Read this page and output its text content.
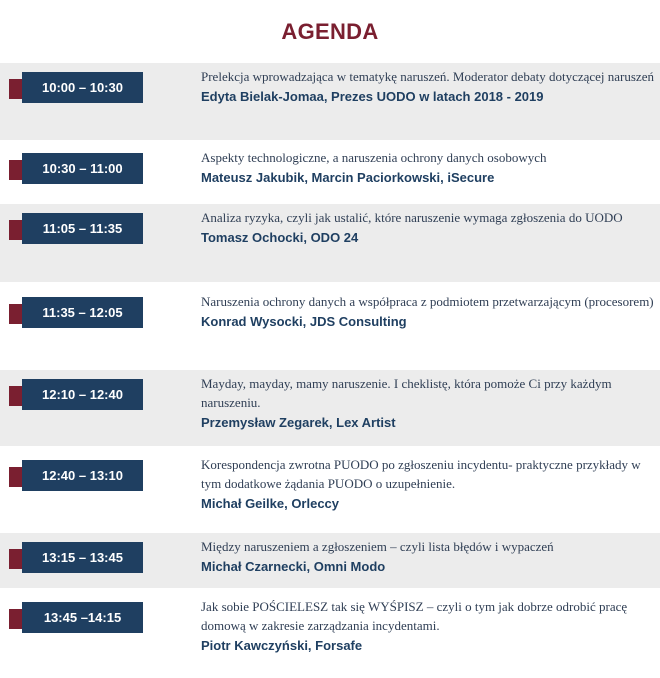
AGENDA
10:00 – 10:30
Prelekcja wprowadzająca w tematykę naruszeń. Moderator debaty dotyczącej naruszeń
Edyta Bielak-Jomaa, Prezes UODO w latach 2018 - 2019
10:30 – 11:00
Aspekty technologiczne, a naruszenia ochrony danych osobowych
Mateusz Jakubik, Marcin Paciorkowski, iSecure
11:05 – 11:35
Analiza ryzyka, czyli jak ustalić, które naruszenie wymaga zgłoszenia do UODO
Tomasz Ochocki, ODO 24
11:35 – 12:05
Naruszenia ochrony danych a współpraca z podmiotem przetwarzającym (procesorem)
Konrad Wysocki, JDS Consulting
12:10 – 12:40
Mayday, mayday, mamy naruszenie. I cheklistę, która pomoże Ci przy każdym naruszeniu.
Przemysław Zegarek, Lex Artist
12:40 – 13:10
Korespondencja zwrotna PUODO po zgłoszeniu incydentu- praktyczne przykłady w tym dodatkowe żądania PUODO o uzupełnienie.
Michał Geilke, Orleccy
13:15 – 13:45
Między naruszeniem a zgłoszeniem – czyli lista błędów i wypaczeń
Michał Czarnecki, Omni Modo
13:45 –14:15
Jak sobie POŚCIELESZ tak się WYŚPISZ – czyli o tym jak dobrze odrobić pracę domową w zakresie zarządzania incydentami.
Piotr Kawczyński, Forsafe
